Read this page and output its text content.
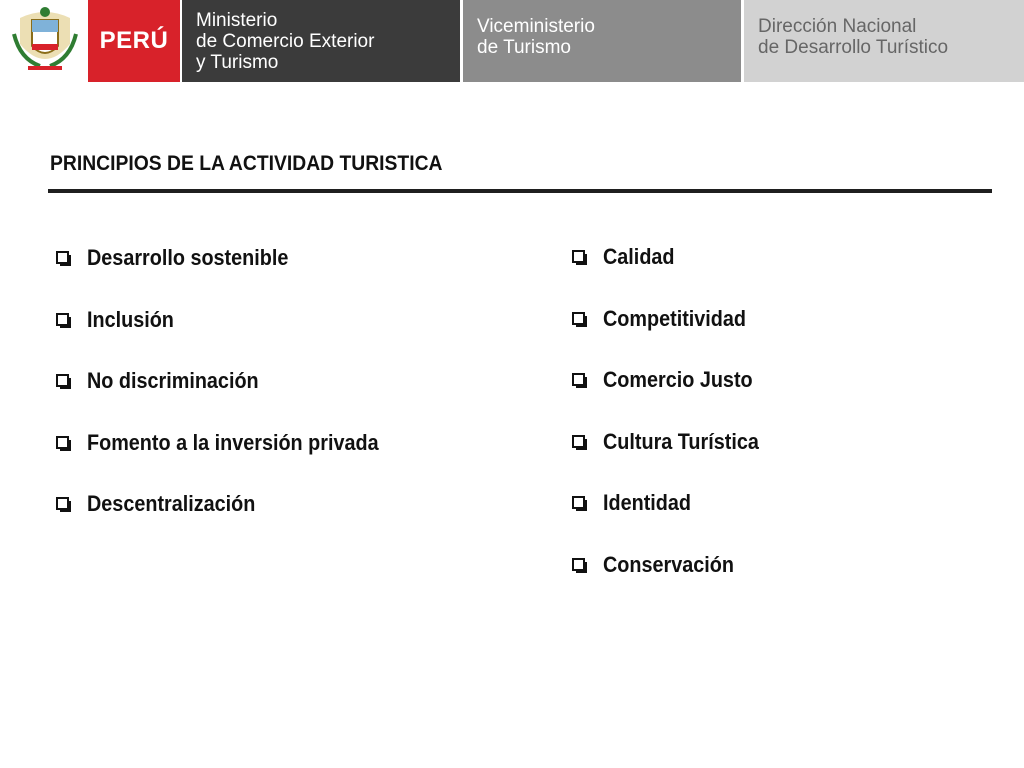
PERÚ
Ministerio
de Comercio Exterior
y Turismo
Viceministerio
de Turismo
Dirección Nacional
de Desarrollo Turístico
PRINCIPIOS DE LA ACTIVIDAD TURISTICA
Desarrollo sostenible
Inclusión
No discriminación
Fomento a la inversión privada
Descentralización
Calidad
Competitividad
Comercio Justo
Cultura Turística
Identidad
Conservación
